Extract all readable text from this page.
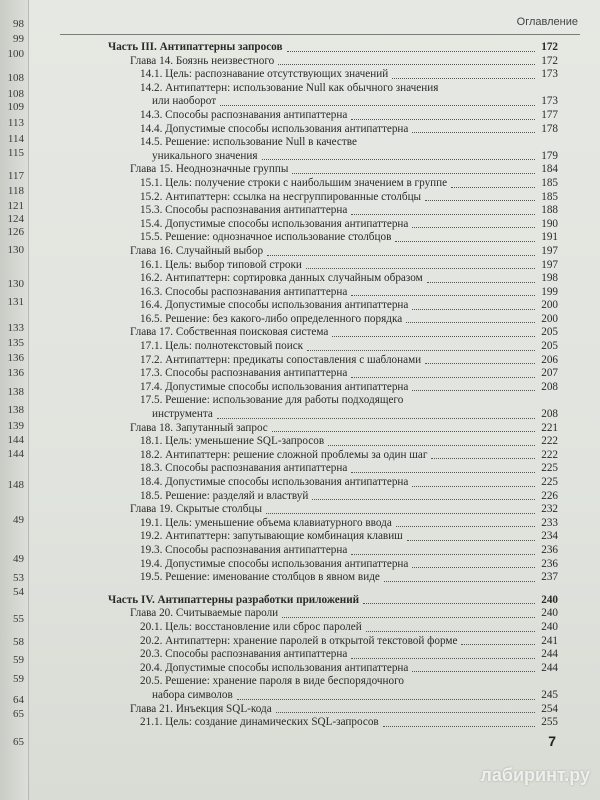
98
99
100
108
108
109
113
114
115
117
118
121
124
126
130
130
131
133
135
136
136
138
138
139
144
144
148
49
49
53
54
55
58
59
59
64
65
65
Оглавление
Часть III. Антипаттерны запросов	172
Глава 14. Боязнь неизвестного	172
14.1. Цель: распознавание отсутствующих значений	173
14.2. Антипаттерн: использование Null как обычного значения
или наоборот	173
14.3. Способы распознавания антипаттерна	177
14.4. Допустимые способы использования антипаттерна	178
14.5. Решение: использование Null в качестве
уникального значения	179
Глава 15. Неоднозначные группы	184
15.1. Цель: получение строки с наибольшим значением в группе	185
15.2. Антипаттерн: ссылка на несгруппированные столбцы	185
15.3. Способы распознавания антипаттерна	188
15.4. Допустимые способы использования антипаттерна	190
15.5. Решение: однозначное использование столбцов	191
Глава 16. Случайный выбор	197
16.1. Цель: выбор типовой строки	197
16.2. Антипаттерн: сортировка данных случайным образом	198
16.3. Способы распознавания антипаттерна	199
16.4. Допустимые способы использования антипаттерна	200
16.5. Решение: без какого-либо определенного порядка	200
Глава 17. Собственная поисковая система	205
17.1. Цель: полнотекстовый поиск	205
17.2. Антипаттерн: предикаты сопоставления с шаблонами	206
17.3. Способы распознавания антипаттерна	207
17.4. Допустимые способы использования антипаттерна	208
17.5. Решение: использование для работы подходящего
инструмента	208
Глава 18. Запутанный запрос	221
18.1. Цель: уменьшение SQL-запросов	222
18.2. Антипаттерн: решение сложной проблемы за один шаг	222
18.3. Способы распознавания антипаттерна	225
18.4. Допустимые способы использования антипаттерна	225
18.5. Решение: разделяй и властвуй	226
Глава 19. Скрытые столбцы	232
19.1. Цель: уменьшение объема клавиатурного ввода	233
19.2. Антипаттерн: запутывающие комбинация клавиш	234
19.3. Способы распознавания антипаттерна	236
19.4. Допустимые способы использования антипаттерна	236
19.5. Решение: именование столбцов в явном виде	237
Часть IV. Антипаттерны разработки приложений	240
Глава 20. Считываемые пароли	240
20.1. Цель: восстановление или сброс паролей	240
20.2. Антипаттерн: хранение паролей в открытой текстовой форме	241
20.3. Способы распознавания антипаттерна	244
20.4. Допустимые способы использования антипаттерна	244
20.5. Решение: хранение пароля в виде беспорядочного
набора символов	245
Глава 21. Инъекция SQL-кода	254
21.1. Цель: создание динамических SQL-запросов	255
7
лабиринт.ру
